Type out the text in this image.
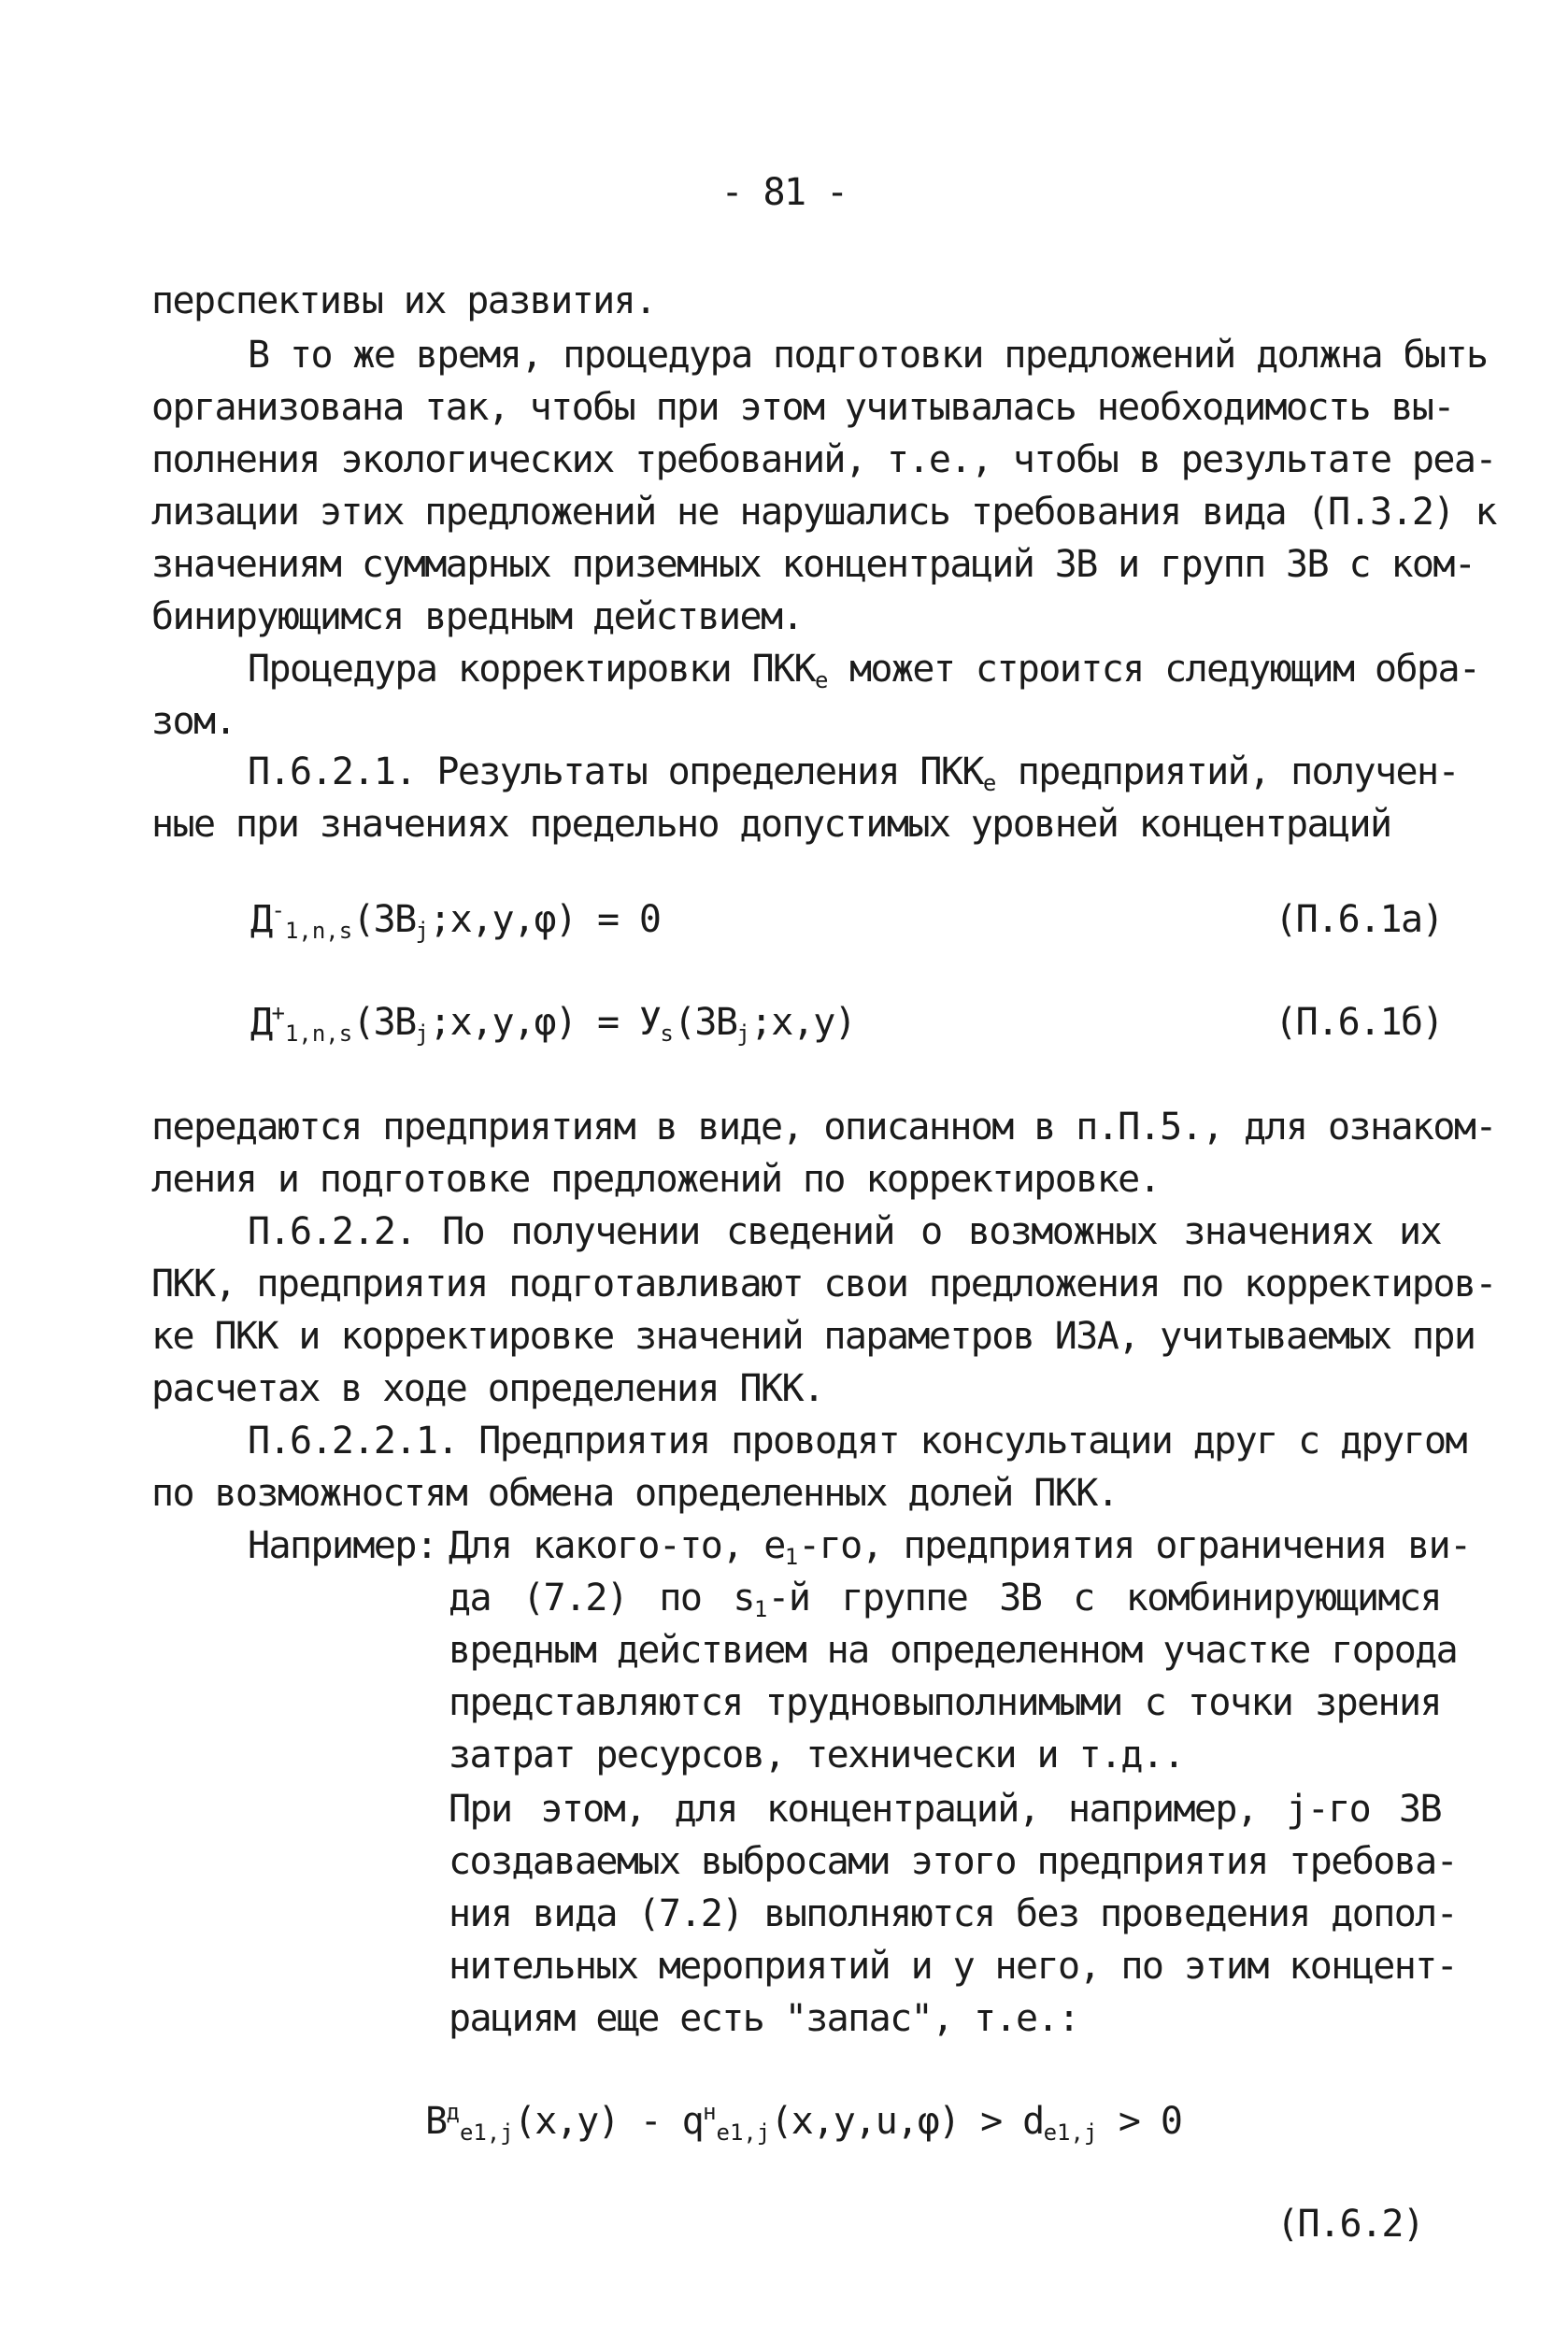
- 81 -

перспективы их развития.

В то же время, процедура подготовки предложений должна быть

организована так, чтобы при этом учитывалась необходимость вы-

полнения экологических требований, т.е., чтобы в результате реа-

лизации этих предложений не нарушались требования вида (П.3.2) к

значениям суммарных приземных концентраций ЗВ и групп ЗВ с ком-

бинирующимся вредным действием.

Процедура корректировки $ПКК_e$ может строится следующим обра-

зом.

П.6.2.1. Результаты определения $ПКК_e$ предприятий, получен-

ные при значениях предельно допустимых уровней концентраций

$Д^-_{1,n,s}(ЗВ_j;x,y,\varphi) = 0$	(П.6.1а)

$Д^+_{1,n,s}(ЗВ_j;x,y,\varphi)$ = $У_s(ЗВ_j;x,y)$	(П.6.1б)

передаются предприятиям в виде, описанном в п.П.5., для ознаком-

ления и подготовке предложений по корректировке.

П.6.2.2. По получении сведений о возможных значениях их

ПКК, предприятия подготавливают свои предложения по корректиров-

ке ПКК и корректировке значений параметров ИЗА, учитываемых при

расчетах в ходе определения ПКК.

П.6.2.2.1. Предприятия проводят консультации друг с другом

по возможностям обмена определенных долей ПКК.

Например: Для какого-то, $e_1-го$, предприятия ограничения ви-

да (7.2) по $s_1-й$ группе ЗВ с комбинирующимся

вредным действием на определенном участке города

представляются трудновыполнимыми с точки зрения

затрат ресурсов, технически и т.д..

При этом, для концентраций, например, j-го ЗВ

создаваемых выбросами этого предприятия требова-

ния вида (7.2) выполняются без проведения допол-

нительных мероприятий и у него, по этим концент-

рациям еще есть "запас", т.е.:

$В^д_{e1,j}(x,y) - q^н_{e1,j}(x,y,u,\varphi) > d_{e1,j} > 0$

(П.6.2)
